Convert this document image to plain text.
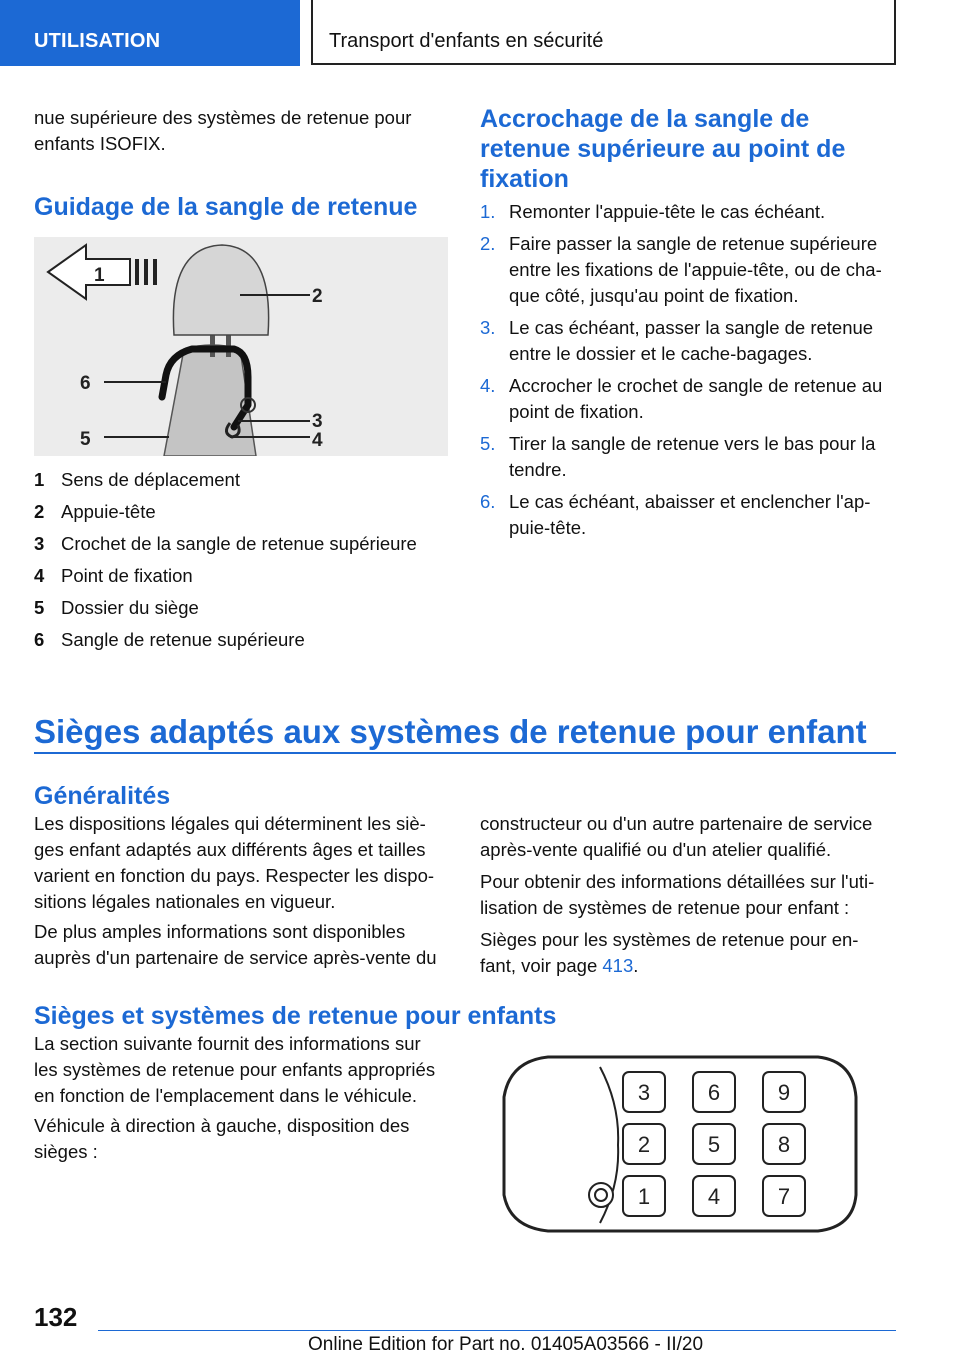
UTILISATION	Transport d'enfants en sécurité
nue supérieure des systèmes de retenue pour
enfants ISOFIX.
Guidage de la sangle de retenue
1
2
3
4
5
6
1 Sens de déplacement
2 Appuie-tête
3 Crochet de la sangle de retenue supérieure
4 Point de fixation
5 Dossier du siège
6 Sangle de retenue supérieure
Accrochage de la sangle de
retenue supérieure au point de
fixation
1. Remonter l'appuie-tête le cas échéant.
2. Faire passer la sangle de retenue supérieure
entre les fixations de l'appuie-tête, ou de cha‐
que côté, jusqu'au point de fixation.
3. Le cas échéant, passer la sangle de retenue
entre le dossier et le cache-bagages.
4. Accrocher le crochet de sangle de retenue au
point de fixation.
5. Tirer la sangle de retenue vers le bas pour la
tendre.
6. Le cas échéant, abaisser et enclencher l'ap‐
puie-tête.
Sièges adaptés aux systèmes de retenue pour enfant
Généralités
Les dispositions légales qui déterminent les siè‐
ges enfant adaptés aux différents âges et tailles
varient en fonction du pays. Respecter les dispo‐
sitions légales nationales en vigueur.
De plus amples informations sont disponibles
auprès d'un partenaire de service après-vente du
constructeur ou d'un autre partenaire de service
après-vente qualifié ou d'un atelier qualifié.
Pour obtenir des informations détaillées sur l'uti‐
lisation de systèmes de retenue pour enfant :
Sièges pour les systèmes de retenue pour en‐
fant, voir page 413.
Sièges et systèmes de retenue pour enfants
La section suivante fournit des informations sur
les systèmes de retenue pour enfants appropriés
en fonction de l'emplacement dans le véhicule.
Véhicule à direction à gauche, disposition des
sièges :
3	6	9
2	5	8
1	4	7
132
Online Edition for Part no. 01405A03566 - II/20
